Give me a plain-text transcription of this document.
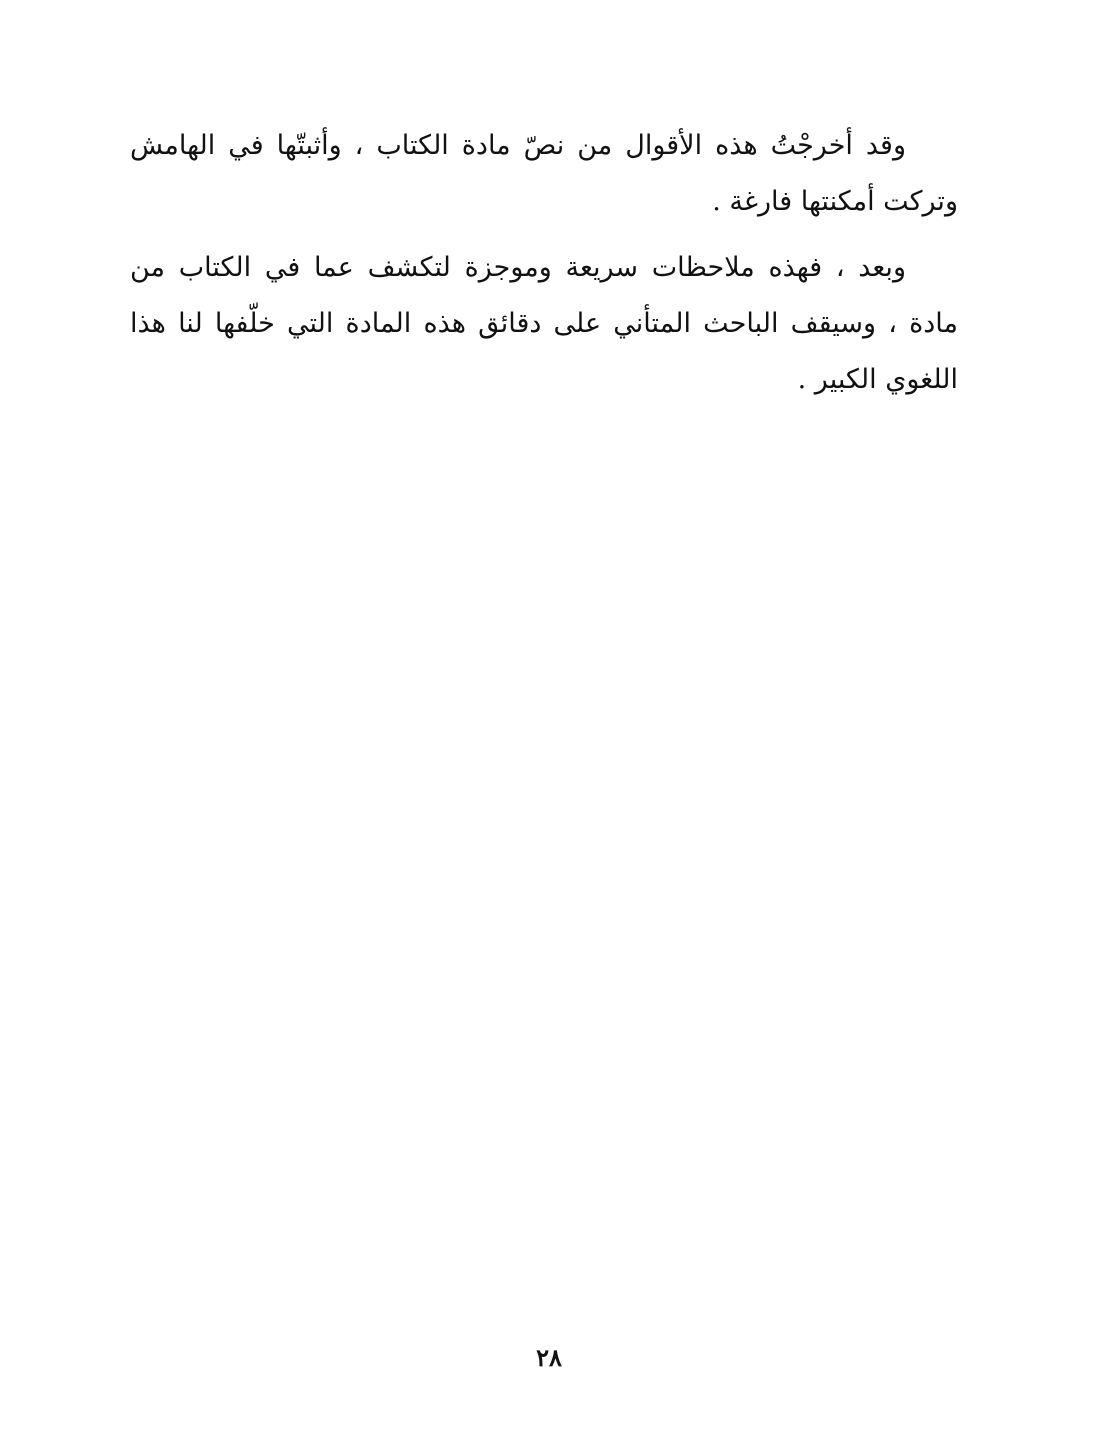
وقد أخرجْتُ هذه الأقوال من نصّ مادة الكتاب ، وأثبتّها في الهامش وتركت أمكنتها فارغة .

وبعد ، فهذه ملاحظات سريعة وموجزة لتكشف عما في الكتاب من مادة ، وسيقف الباحث المتأني على دقائق هذه المادة التي خلّفها لنا هذا اللغوي الكبير .

٢٨
